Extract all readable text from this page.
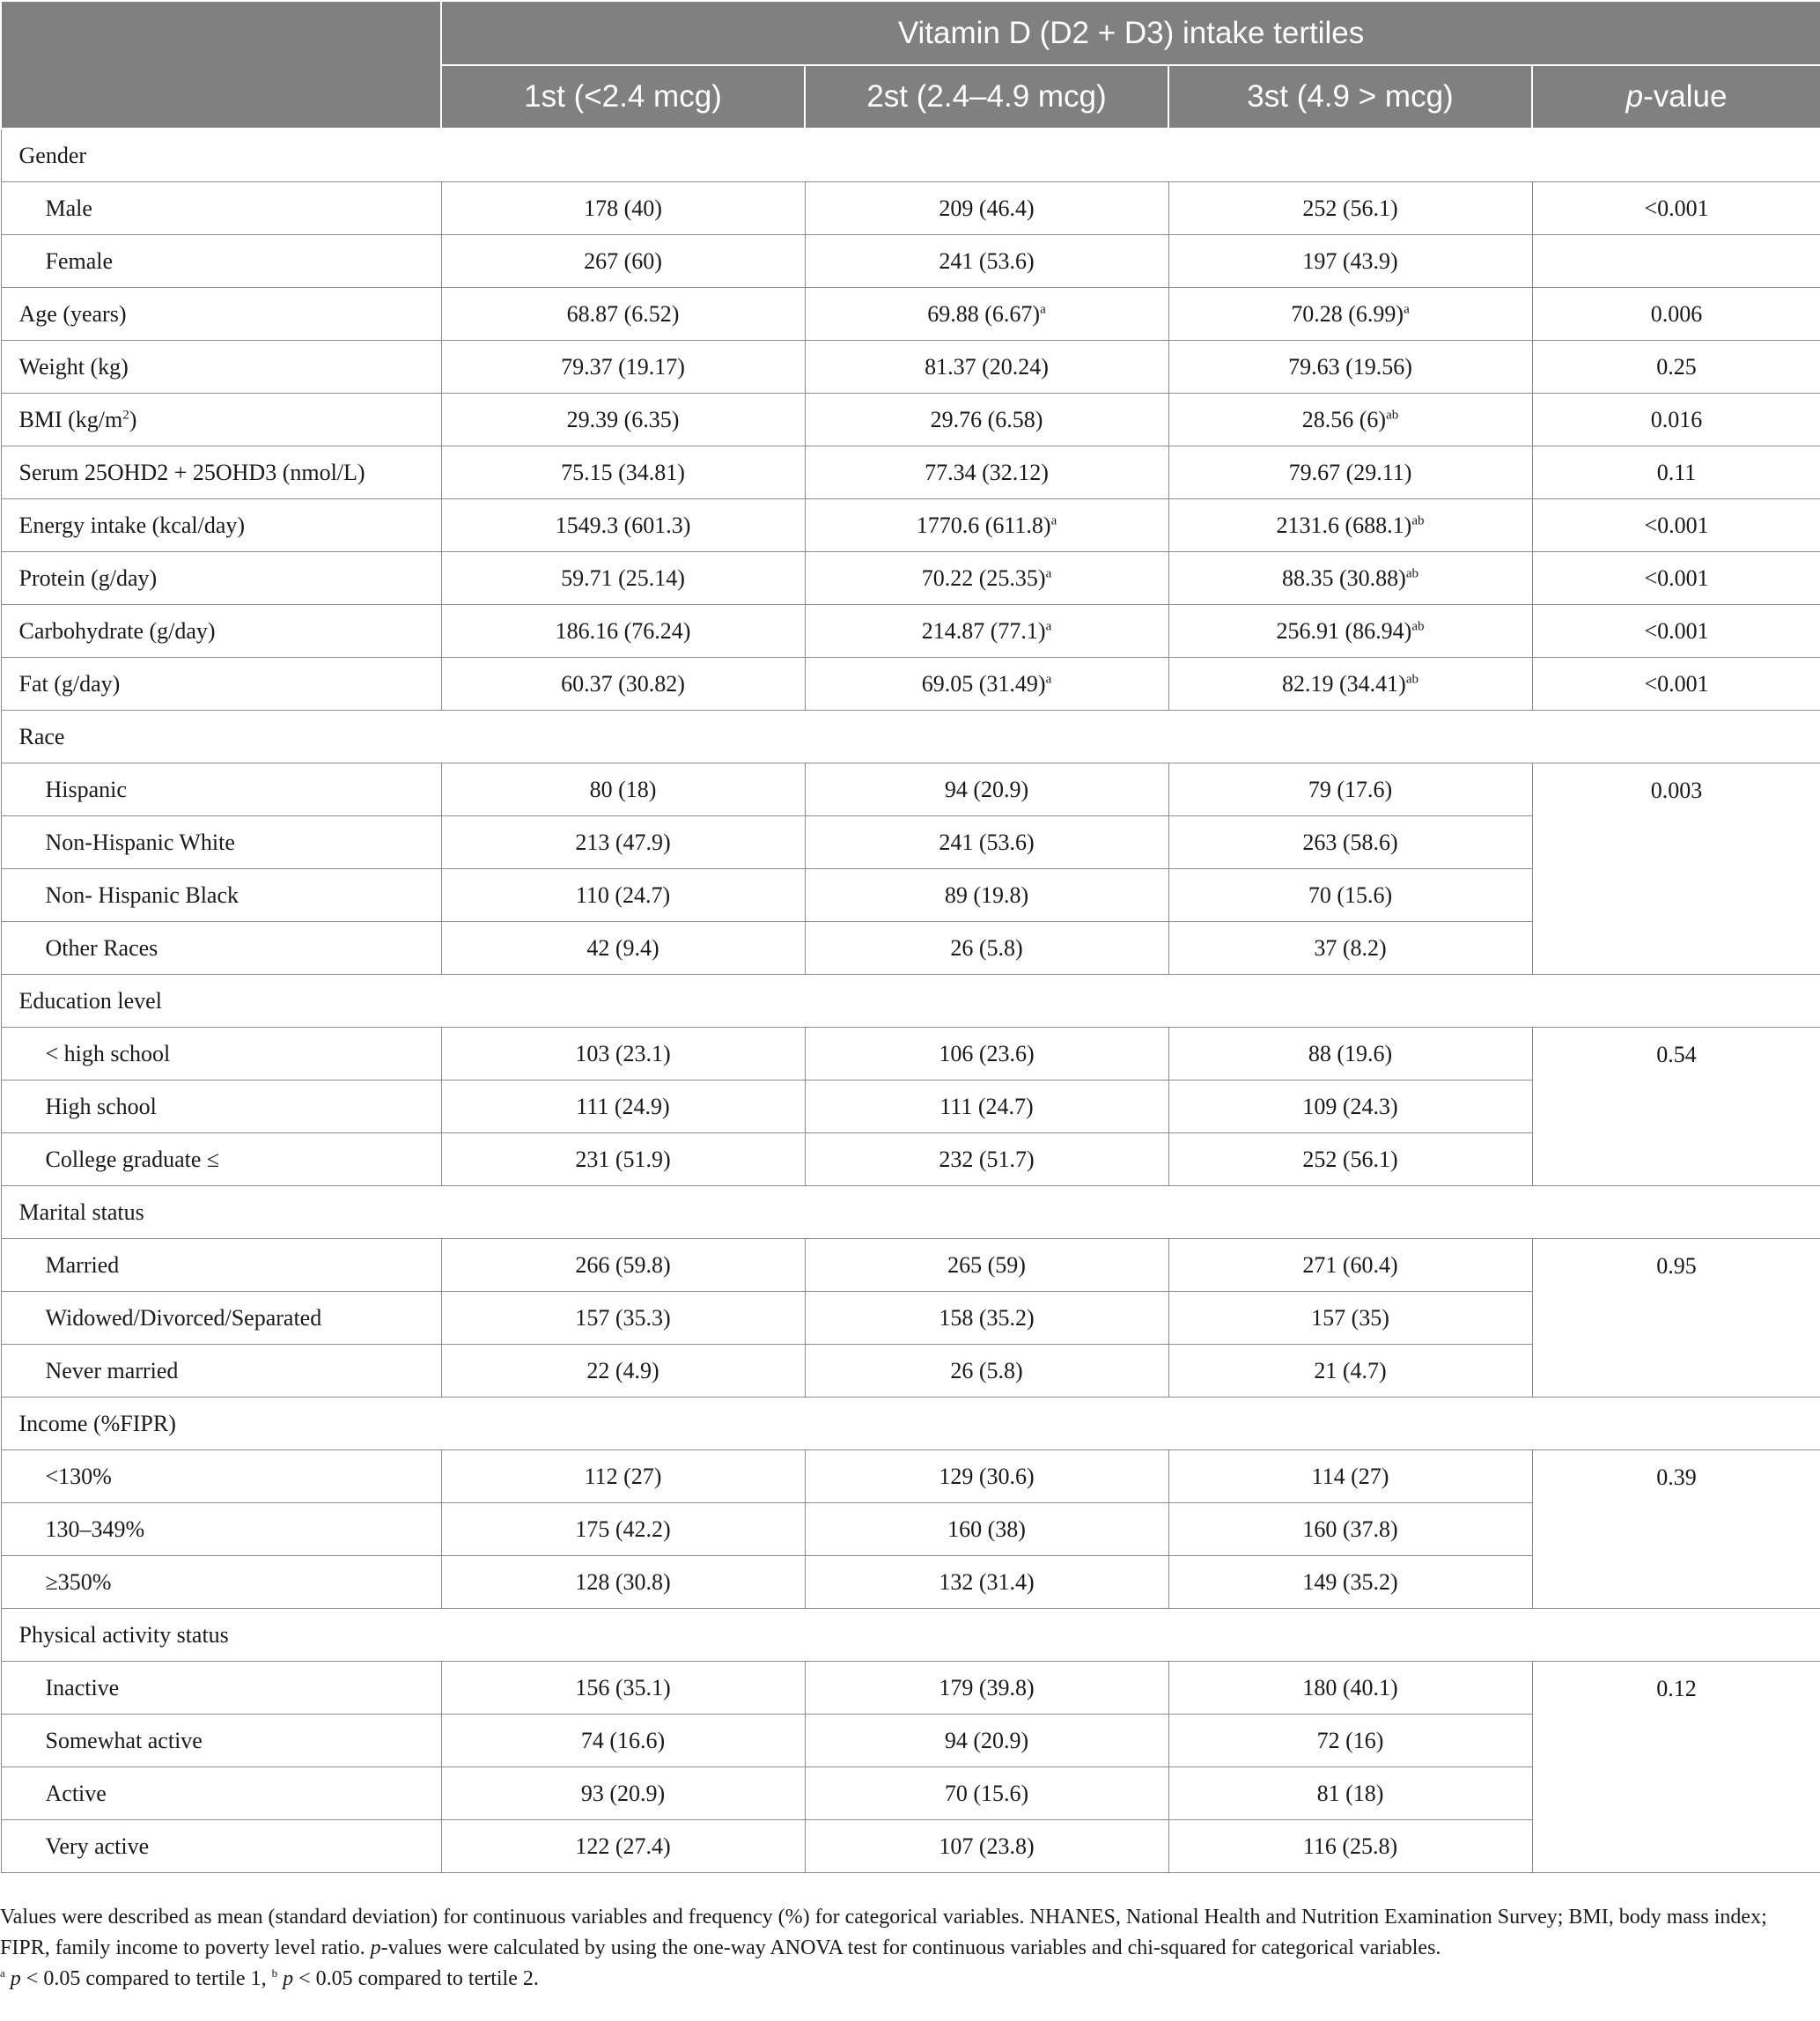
	Vitamin D (D2 + D3) intake tertiles			
	1st (<2.4 mcg)	2st (2.4–4.9 mcg)	3st (4.9 > mcg)	p-value
Gender				
Male	178 (40)	209 (46.4)	252 (56.1)	<0.001
Female	267 (60)	241 (53.6)	197 (43.9)	
Age (years)	68.87 (6.52)	69.88 $(6.67)^a$	70.28 $(6.99)^a$	0.006
Weight (kg)	79.37 (19.17)	81.37 (20.24)	79.63 (19.56)	0.25
BMI $(kg/m^2)$	29.39 (6.35)	29.76 (6.58)	28.56 $(6)^{ab}$	0.016
Serum 25OHD2 + 25OHD3 (nmol/L)	75.15 (34.81)	77.34 (32.12)	79.67 (29.11)	0.11
Energy intake (kcal/day)	1549.3 (601.3)	1770.6 $(611.8)^a$	2131.6 $(688.1)^{ab}$	<0.001
Protein (g/day)	59.71 (25.14)	70.22 $(25.35)^a$	88.35 $(30.88)^{ab}$	<0.001
Carbohydrate (g/day)	186.16 (76.24)	214.87 $(77.1)^a$	256.91 $(86.94)^{ab}$	<0.001
Fat (g/day)	60.37 (30.82)	69.05 $(31.49)^a$	82.19 $(34.41)^{ab}$	<0.001
Race				
Hispanic	80 (18)	94 (20.9)	79 (17.6)	0.003
Non-Hispanic White	213 (47.9)	241 (53.6)	263 (58.6)	
Non- Hispanic Black	110 (24.7)	89 (19.8)	70 (15.6)	
Other Races	42 (9.4)	26 (5.8)	37 (8.2)	
Education level				
< high school	103 (23.1)	106 (23.6)	88 (19.6)	0.54
High school	111 (24.9)	111 (24.7)	109 (24.3)	
College graduate ≤	231 (51.9)	232 (51.7)	252 (56.1)	
Marital status				
Married	266 (59.8)	265 (59)	271 (60.4)	0.95
Widowed/Divorced/Separated	157 (35.3)	158 (35.2)	157 (35)	
Never married	22 (4.9)	26 (5.8)	21 (4.7)	
Income (%FIPR)				
<130%	112 (27)	129 (30.6)	114 (27)	0.39
130–349%	175 (42.2)	160 (38)	160 (37.8)	
≥350%	128 (30.8)	132 (31.4)	149 (35.2)	
Physical activity status				
Inactive	156 (35.1)	179 (39.8)	180 (40.1)	0.12
Somewhat active	74 (16.6)	94 (20.9)	72 (16)	
Active	93 (20.9)	70 (15.6)	81 (18)	
Very active	122 (27.4)	107 (23.8)	116 (25.8)	

Values were described as mean (standard deviation) for continuous variables and frequency (%) for categorical variables. NHANES, National Health and Nutrition Examination Survey; BMI, body mass index; FIPR, family income to poverty level ratio. p-values were calculated by using the one-way ANOVA test for continuous variables and chi-squared for categorical variables.

$^a$ p < 0.05 compared to tertile 1, $^b$ p < 0.05 compared to tertile 2.
